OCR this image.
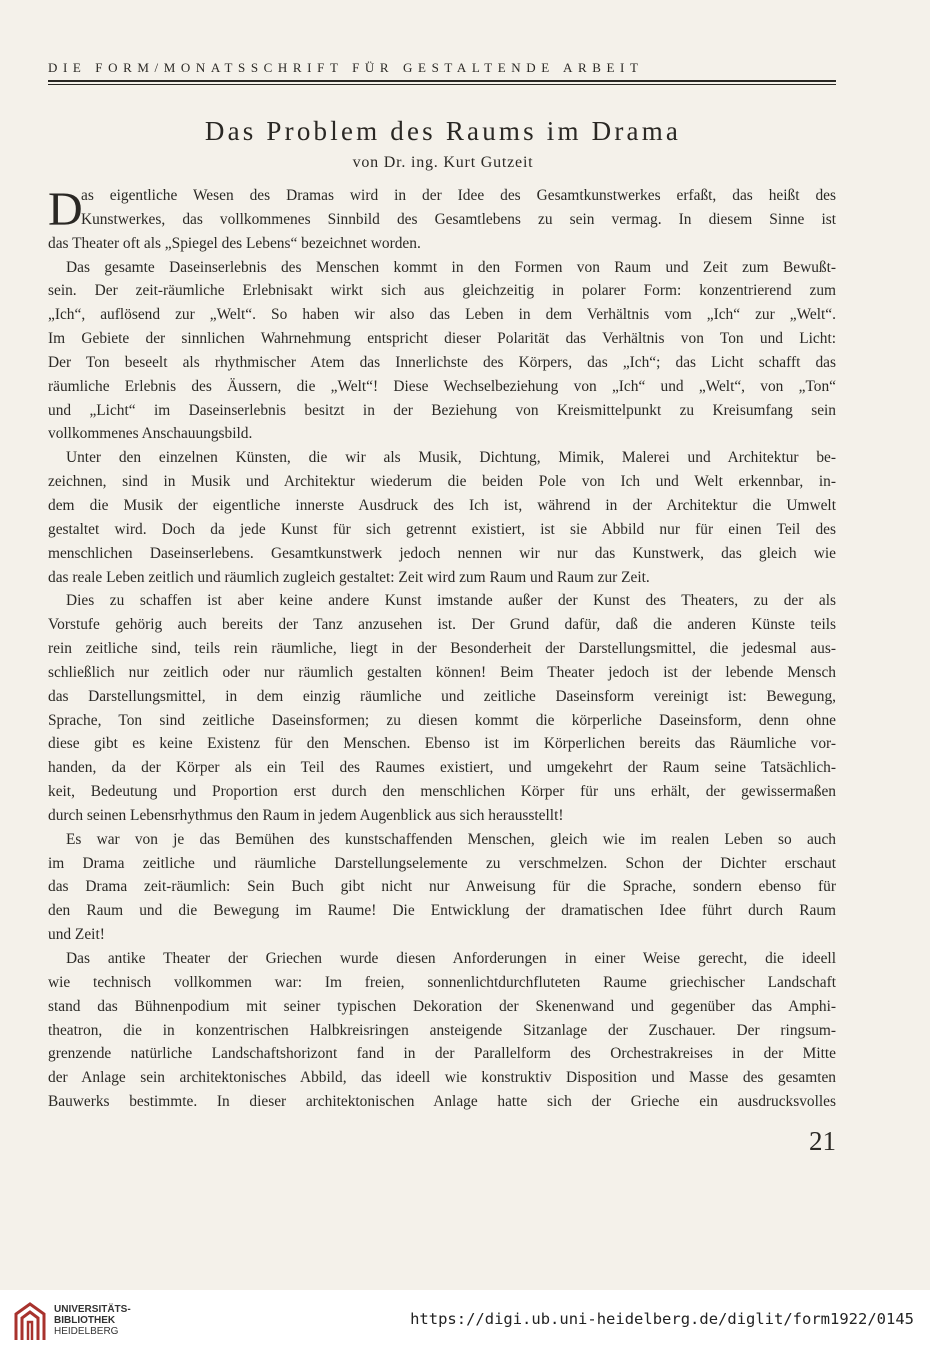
DIE FORM/MONATSSCHRIFT FÜR GESTALTENDE ARBEIT
Das Problem des Raums im Drama
von Dr. ing. Kurt Gutzeit
D
as eigentliche Wesen des Dramas wird in der Idee des Gesamtkunstwerkes erfaßt, das heißt des
Kunstwerkes, das vollkommenes Sinnbild des Gesamtlebens zu sein vermag. In diesem Sinne ist
das Theater oft als „Spiegel des Lebens“ bezeichnet worden.
Das gesamte Daseinserlebnis des Menschen kommt in den Formen von Raum und Zeit zum Bewußt-
sein. Der zeit-räumliche Erlebnisakt wirkt sich aus gleichzeitig in polarer Form: konzentrierend zum
„Ich“, auflösend zur „Welt“. So haben wir also das Leben in dem Verhältnis vom „Ich“ zur „Welt“.
Im Gebiete der sinnlichen Wahrnehmung entspricht dieser Polarität das Verhältnis von Ton und Licht:
Der Ton beseelt als rhythmischer Atem das Innerlichste des Körpers, das „Ich“; das Licht schafft das
räumliche Erlebnis des Äussern, die „Welt“! Diese Wechselbeziehung von „Ich“ und „Welt“, von „Ton“
und „Licht“ im Daseinserlebnis besitzt in der Beziehung von Kreismittelpunkt zu Kreisumfang sein
vollkommenes Anschauungsbild.
Unter den einzelnen Künsten, die wir als Musik, Dichtung, Mimik, Malerei und Architektur be-
zeichnen, sind in Musik und Architektur wiederum die beiden Pole von Ich und Welt erkennbar, in-
dem die Musik der eigentliche innerste Ausdruck des Ich ist, während in der Architektur die Umwelt
gestaltet wird. Doch da jede Kunst für sich getrennt existiert, ist sie Abbild nur für einen Teil des
menschlichen Daseinserlebens. Gesamtkunstwerk jedoch nennen wir nur das Kunstwerk, das gleich wie
das reale Leben zeitlich und räumlich zugleich gestaltet: Zeit wird zum Raum und Raum zur Zeit.
Dies zu schaffen ist aber keine andere Kunst imstande außer der Kunst des Theaters, zu der als
Vorstufe gehörig auch bereits der Tanz anzusehen ist. Der Grund dafür, daß die anderen Künste teils
rein zeitliche sind, teils rein räumliche, liegt in der Besonderheit der Darstellungsmittel, die jedesmal aus-
schließlich nur zeitlich oder nur räumlich gestalten können! Beim Theater jedoch ist der lebende Mensch
das Darstellungsmittel, in dem einzig räumliche und zeitliche Daseinsform vereinigt ist: Bewegung,
Sprache, Ton sind zeitliche Daseinsformen; zu diesen kommt die körperliche Daseinsform, denn ohne
diese gibt es keine Existenz für den Menschen. Ebenso ist im Körperlichen bereits das Räumliche vor-
handen, da der Körper als ein Teil des Raumes existiert, und umgekehrt der Raum seine Tatsächlich-
keit, Bedeutung und Proportion erst durch den menschlichen Körper für uns erhält, der gewissermaßen
durch seinen Lebensrhythmus den Raum in jedem Augenblick aus sich herausstellt!
Es war von je das Bemühen des kunstschaffenden Menschen, gleich wie im realen Leben so auch
im Drama zeitliche und räumliche Darstellungselemente zu verschmelzen. Schon der Dichter erschaut
das Drama zeit-räumlich: Sein Buch gibt nicht nur Anweisung für die Sprache, sondern ebenso für
den Raum und die Bewegung im Raume! Die Entwicklung der dramatischen Idee führt durch Raum
und Zeit!
Das antike Theater der Griechen wurde diesen Anforderungen in einer Weise gerecht, die ideell
wie technisch vollkommen war: Im freien, sonnenlichtdurchfluteten Raume griechischer Landschaft
stand das Bühnenpodium mit seiner typischen Dekoration der Skenenwand und gegenüber das Amphi-
theatron, die in konzentrischen Halbkreisringen ansteigende Sitzanlage der Zuschauer. Der ringsum-
grenzende natürliche Landschaftshorizont fand in der Parallelform des Orchestrakreises in der Mitte
der Anlage sein architektonisches Abbild, das ideell wie konstruktiv Disposition und Masse des gesamten
Bauwerks bestimmte. In dieser architektonischen Anlage hatte sich der Grieche ein ausdrucksvolles
21
UNIVERSITÄTS-
BIBLIOTHEK
HEIDELBERG
https://digi.ub.uni-heidelberg.de/diglit/form1922/0145
